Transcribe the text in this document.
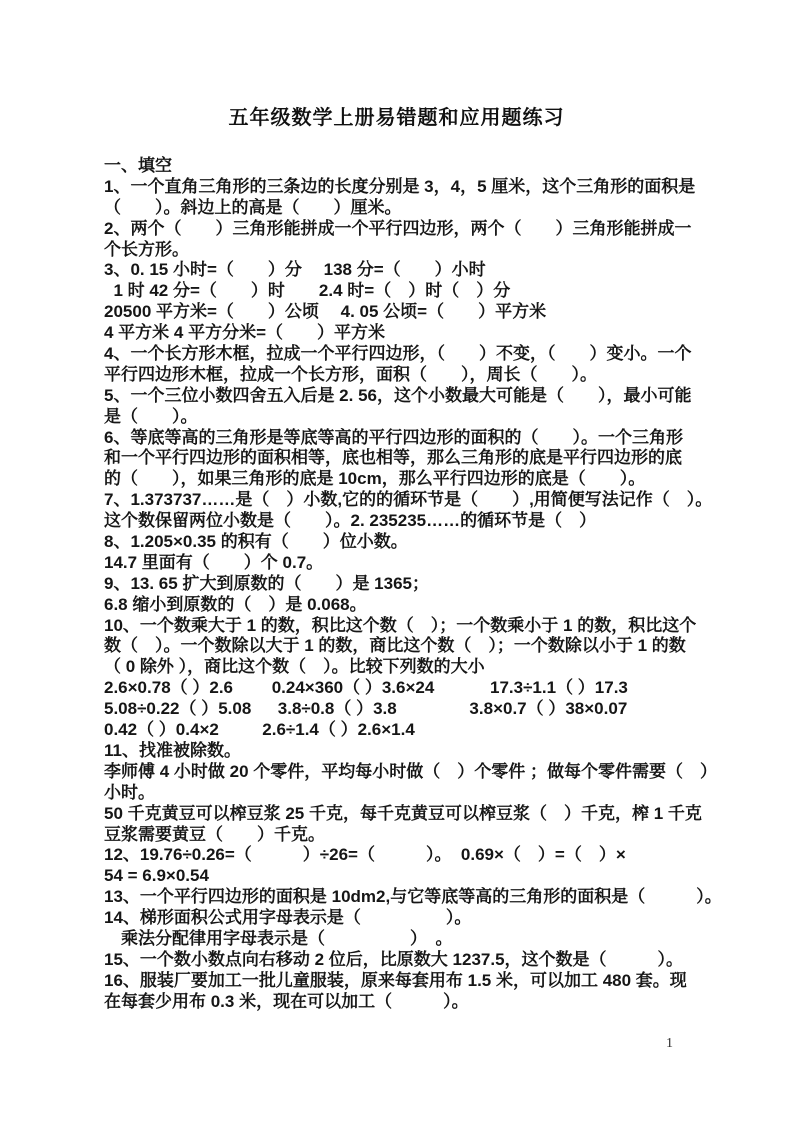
五年级数学上册易错题和应用题练习
一、填空
1、一个直角三角形的三条边的长度分别是 3，4，5 厘米，这个三角形的面积是
（　　）。斜边上的高是（　　）厘米。
2、两个（　　）三角形能拼成一个平行四边形，两个（　　）三角形能拼成一
个长方形。
3、0. 15 小时=（　　）分　 138 分=（　　）小时
1 时 42 分=（　　）时　　2.4 时=（　）时（　）分
20500 平方米=（　　）公顷　 4. 05 公顷=（　　）平方米
4 平方米 4 平方分米=（　　）平方米
4、一个长方形木框，拉成一个平行四边形，（　　）不变，（　　）变小。一个
平行四边形木框，拉成一个长方形，面积（　　），周长（　　）。
5、一个三位小数四舍五入后是 2. 56，这个小数最大可能是（　　），最小可能
是（　　）。
6、等底等高的三角形是等底等高的平行四边形的面积的（　　）。一个三角形
和一个平行四边形的面积相等，底也相等，那么三角形的底是平行四边形的底
的（　　），如果三角形的底是 10cm，那么平行四边形的底是（　　）。
7、1.373737……是（　）小数,它的的循环节是（　　）,用简便写法记作（　）。
这个数保留两位小数是（　　）。2. 235235……的循环节是（　）
8、1.205×0.35 的积有（　　）位小数。
14.7 里面有（　　）个 0.7。
9、13. 65 扩大到原数的（　　）是 1365；
6.8 缩小到原数的（　）是 0.068。
10、一个数乘大于 1 的数，积比这个数（　）；一个数乘小于 1 的数，积比这个
数（　）。一个数除以大于 1 的数，商比这个数（　）；一个数除以小于 1 的数
（ 0 除外 ），商比这个数（　）。比较下列数的大小
2.6×0.78（ ）2.6　　 0.24×360（ ）3.6×24　　　 17.3÷1.1（ ）17.3
5.08÷0.22（ ）5.08　  3.8÷0.8（ ）3.8　　　　 3.8×0.7（ ）38×0.07
0.42（ ）0.4×2　　  2.6÷1.4（ ）2.6×1.4
11、找准被除数。
李师傅 4 小时做 20 个零件，平均每小时做（　）个零件 ；做每个零件需要（　）
小时。
50 千克黄豆可以榨豆浆 25 千克，每千克黄豆可以榨豆浆（　）千克，榨 1 千克
豆浆需要黄豆（　　）千克。
12、19.76÷0.26=（　　　）÷26=（　　　）。  0.69×（　）=（　）×
54 = 6.9×0.54
13、一个平行四边形的面积是 10dm2,与它等底等高的三角形的面积是（　　　）。
14、梯形面积公式用字母表示是（　　　　　）。
　乘法分配律用字母表示是（　　　　　）　。
15、一个数小数点向右移动 2 位后，比原数大 1237.5，这个数是（　　　）。
16、服装厂要加工一批儿童服装，原来每套用布 1.5 米，可以加工 480 套。现
在每套少用布 0.3 米，现在可以加工（　　　）。
1
